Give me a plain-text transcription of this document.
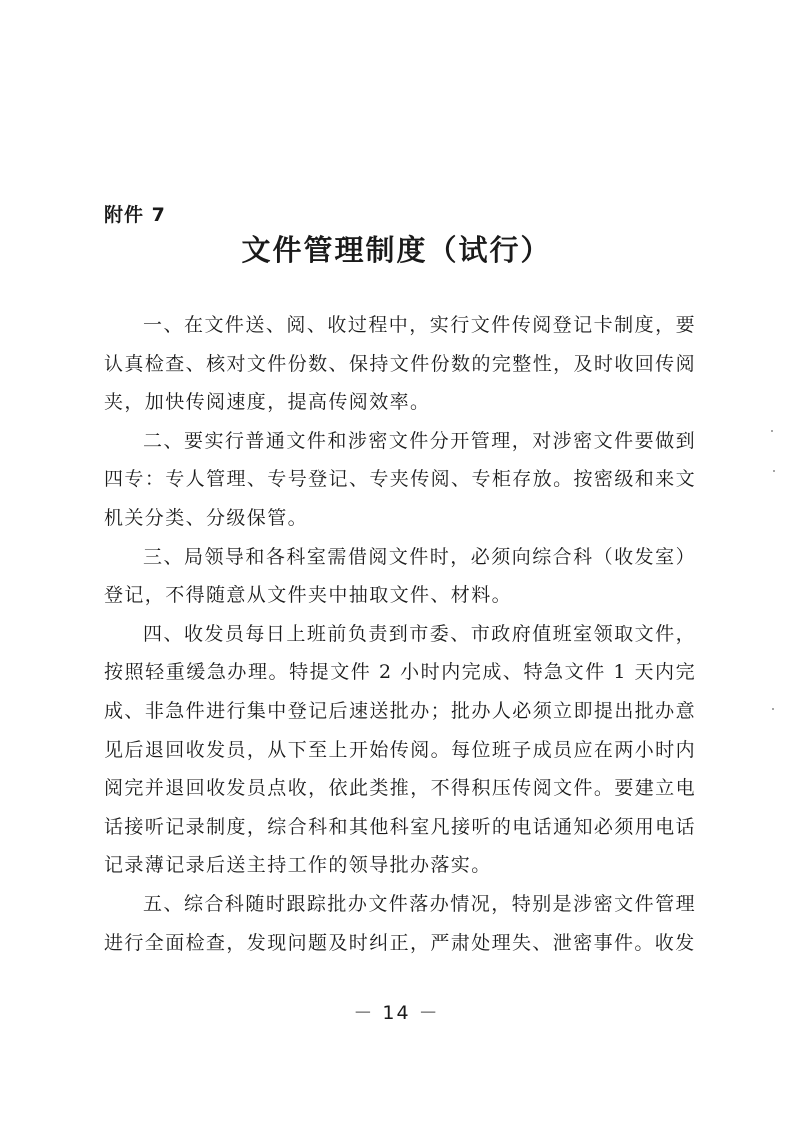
附件 7
文件管理制度（试行）

一、在文件送、阅、收过程中，实行文件传阅登记卡制度，要认真检查、核对文件份数、保持文件份数的完整性，及时收回传阅夹，加快传阅速度，提高传阅效率。

二、要实行普通文件和涉密文件分开管理，对涉密文件要做到四专：专人管理、专号登记、专夹传阅、专柜存放。按密级和来文机关分类、分级保管。

三、局领导和各科室需借阅文件时，必须向综合科（收发室）登记，不得随意从文件夹中抽取文件、材料。

四、收发员每日上班前负责到市委、市政府值班室领取文件，按照轻重缓急办理。特提文件 2 小时内完成、特急文件 1 天内完成、非急件进行集中登记后速送批办；批办人必须立即提出批办意见后退回收发员，从下至上开始传阅。每位班子成员应在两小时内阅完并退回收发员点收，依此类推，不得积压传阅文件。要建立电话接听记录制度，综合科和其他科室凡接听的电话通知必须用电话记录薄记录后送主持工作的领导批办落实。

五、综合科随时跟踪批办文件落办情况，特别是涉密文件管理进行全面检查，发现问题及时纠正，严肃处理失、泄密事件。收发

－ 14 －
